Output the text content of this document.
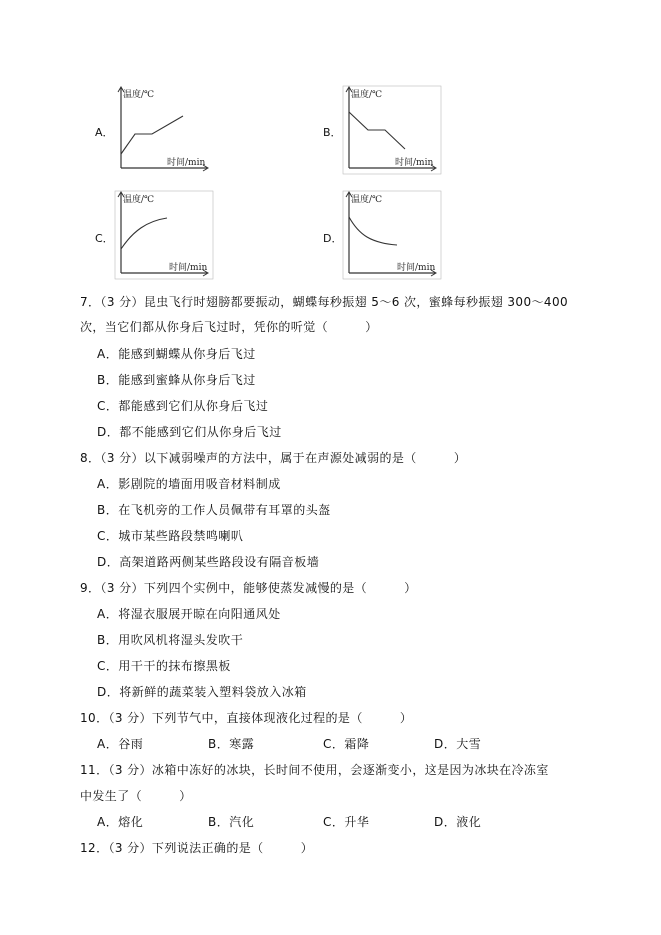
A．
温度/℃
时间/min
B．
温度/℃
时间/min
C．
温度/℃
时间/min
D．
温度/℃
时间/min
7．（3 分）昆虫飞行时翅膀都要振动，蝴蝶每秒振翅 5～6 次，蜜蜂每秒振翅 300～400
次，当它们都从你身后飞过时，凭你的听觉（　　　）
A．能感到蝴蝶从你身后飞过
B．能感到蜜蜂从你身后飞过
C．都能感到它们从你身后飞过
D．都不能感到它们从你身后飞过
8．（3 分）以下减弱噪声的方法中，属于在声源处减弱的是（　　　）
A．影剧院的墙面用吸音材料制成
B．在飞机旁的工作人员佩带有耳罩的头盔
C．城市某些路段禁鸣喇叭
D．高架道路两侧某些路段设有隔音板墙
9．（3 分）下列四个实例中，能够使蒸发减慢的是（　　　）
A．将湿衣服展开晾在向阳通风处
B．用吹风机将湿头发吹干
C．用干干的抹布擦黑板
D．将新鲜的蔬菜装入塑料袋放入冰箱
10．（3 分）下列节气中，直接体现液化过程的是（　　　）
A．谷雨	B．寒露	C．霜降	D．大雪
11．（3 分）冰箱中冻好的冰块，长时间不使用，会逐渐变小，这是因为冰块在冷冻室
中发生了（　　　）
A．熔化	B．汽化	C．升华	D．液化
12．（3 分）下列说法正确的是（　　　）
